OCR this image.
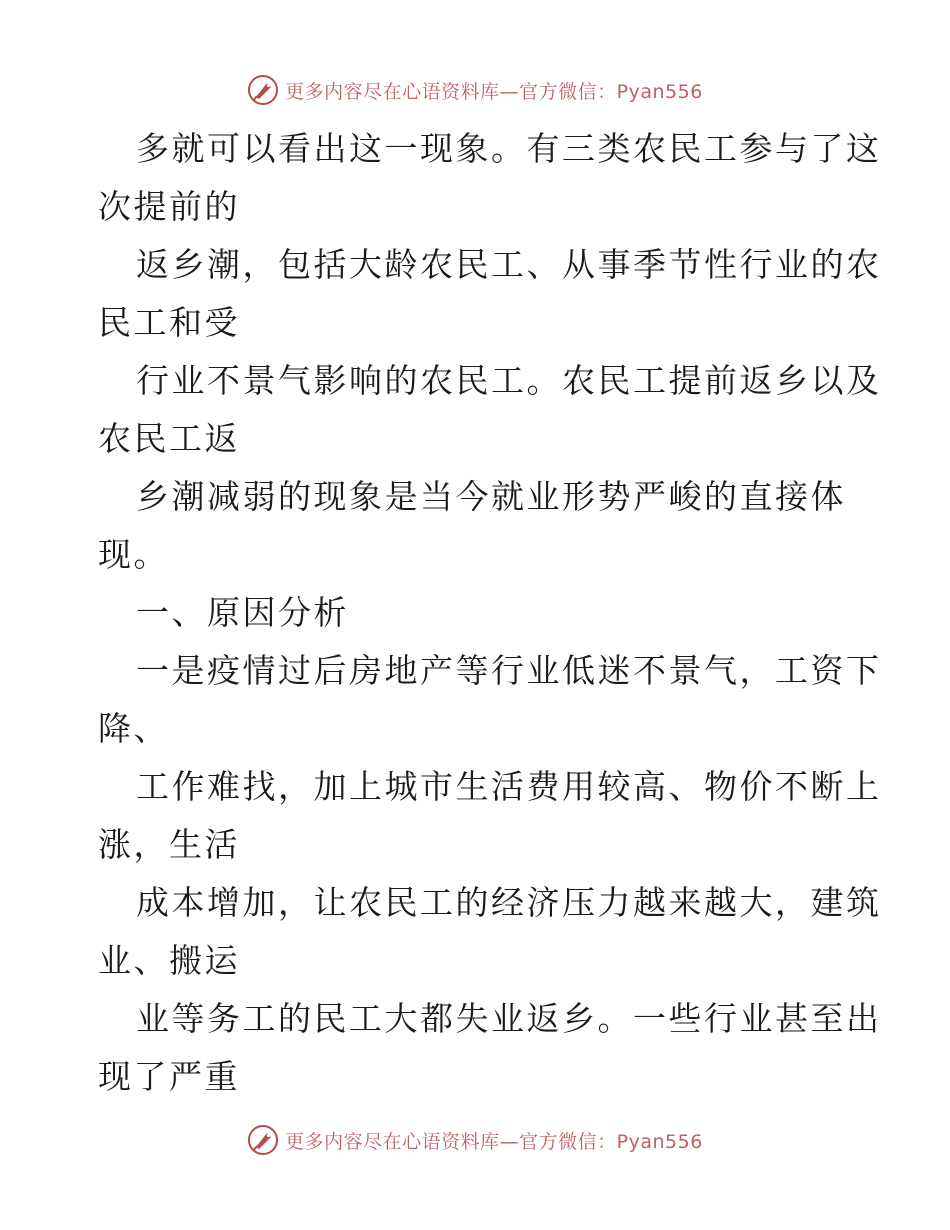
更多内容尽在心语资料库—官方微信：Pyan556
多就可以看出这一现象。有三类农民工参与了这
次提前的
返乡潮，包括大龄农民工、从事季节性行业的农
民工和受
行业不景气影响的农民工。农民工提前返乡以及
农民工返
乡潮减弱的现象是当今就业形势严峻的直接体
现。
一、原因分析
一是疫情过后房地产等行业低迷不景气，工资下
降、
工作难找，加上城市生活费用较高、物价不断上
涨，生活
成本增加，让农民工的经济压力越来越大，建筑
业、搬运
业等务工的民工大都失业返乡。一些行业甚至出
现了严重
更多内容尽在心语资料库—官方微信：Pyan556
